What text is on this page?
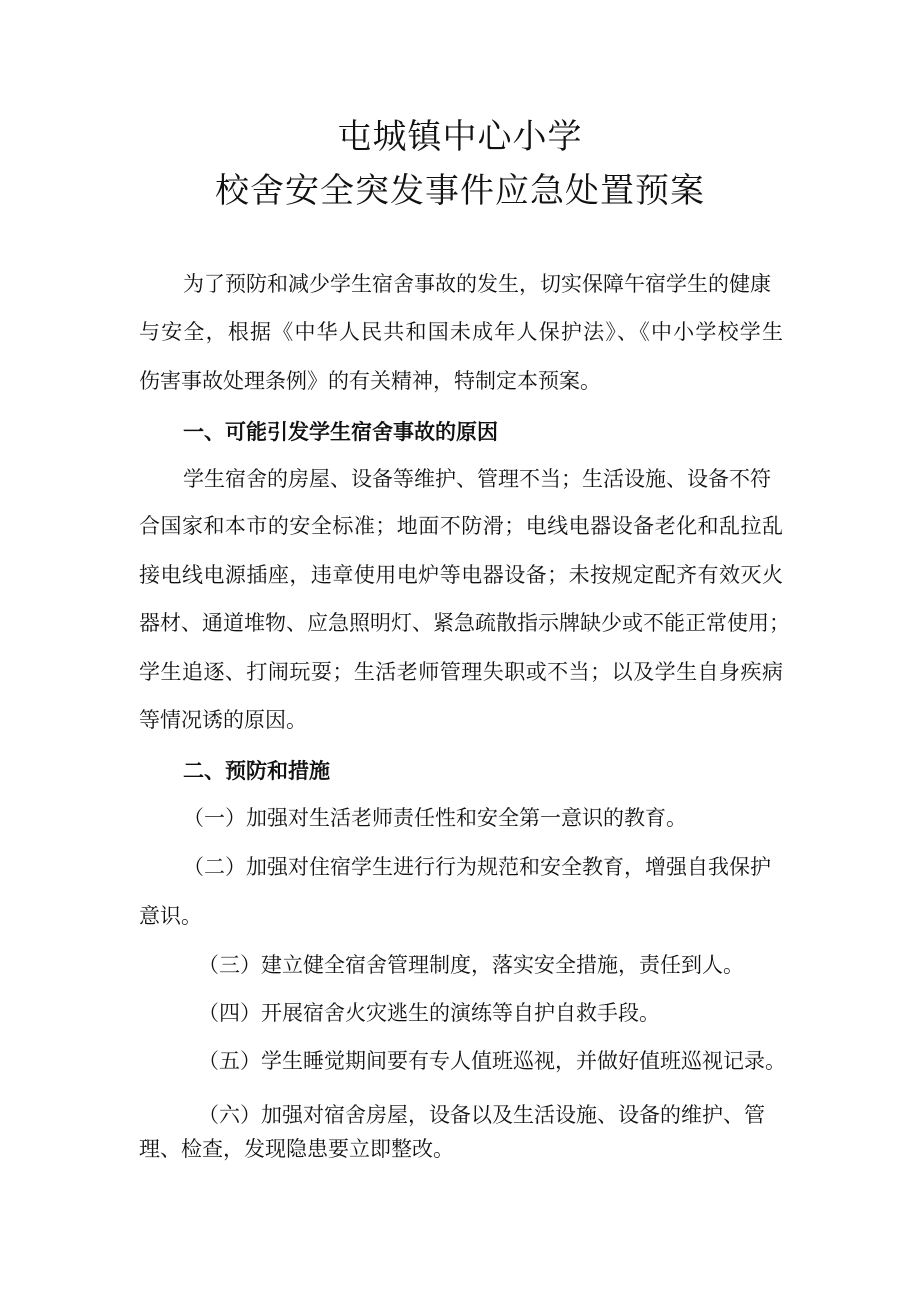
屯城镇中心小学
校舍安全突发事件应急处置预案

为了预防和减少学生宿舍事故的发生，切实保障午宿学生的健康

与安全，根据《中华人民共和国未成年人保护法》、《中小学校学生

伤害事故处理条例》的有关精神，特制定本预案。

一、可能引发学生宿舍事故的原因

学生宿舍的房屋、设备等维护、管理不当；生活设施、设备不符

合国家和本市的安全标准；地面不防滑；电线电器设备老化和乱拉乱

接电线电源插座，违章使用电炉等电器设备；未按规定配齐有效灭火

器材、通道堆物、应急照明灯、紧急疏散指示牌缺少或不能正常使用；

学生追逐、打闹玩耍；生活老师管理失职或不当；以及学生自身疾病

等情况诱的原因。

二、预防和措施

（一）加强对生活老师责任性和安全第一意识的教育。

（二）加强对住宿学生进行行为规范和安全教育，增强自我保护

意识。

（三）建立健全宿舍管理制度，落实安全措施，责任到人。

（四）开展宿舍火灾逃生的演练等自护自救手段。

（五）学生睡觉期间要有专人值班巡视，并做好值班巡视记录。

（六）加强对宿舍房屋，设备以及生活设施、设备的维护、管

理、检查，发现隐患要立即整改。
